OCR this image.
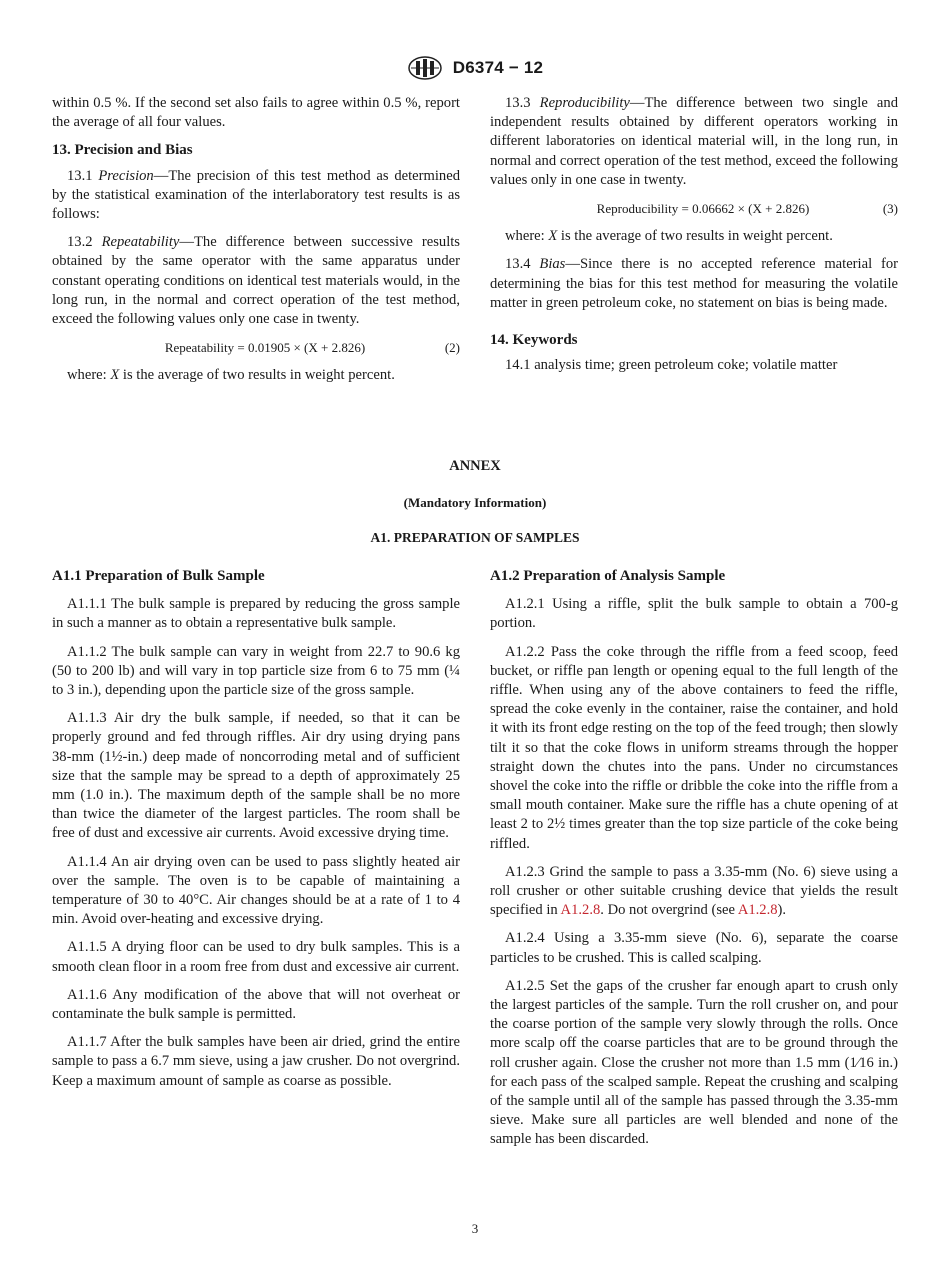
D6374 − 12

within 0.5 %. If the second set also fails to agree within 0.5 %, report the average of all four values.

13. Precision and Bias

13.1 Precision—The precision of this test method as determined by the statistical examination of the interlaboratory test results is as follows:

13.2 Repeatability—The difference between successive results obtained by the same operator with the same apparatus under constant operating conditions on identical test materials would, in the long run, in the normal and correct operation of the test method, exceed the following values only one case in twenty.

Repeatability = 0.01905 × (X + 2.826)	(2)

where: X is the average of two results in weight percent.

13.3 Reproducibility—The difference between two single and independent results obtained by different operators working in different laboratories on identical material will, in the long run, in normal and correct operation of the test method, exceed the following values only in one case in twenty.

Reproducibility = 0.06662 × (X + 2.826)	(3)

where: X is the average of two results in weight percent.

13.4 Bias—Since there is no accepted reference material for determining the bias for this test method for measuring the volatile matter in green petroleum coke, no statement on bias is being made.

14. Keywords

14.1 analysis time; green petroleum coke; volatile matter

ANNEX
(Mandatory Information)
A1. PREPARATION OF SAMPLES
A1.1 Preparation of Bulk Sample

A1.1.1 The bulk sample is prepared by reducing the gross sample in such a manner as to obtain a representative bulk sample.

A1.1.2 The bulk sample can vary in weight from 22.7 to 90.6 kg (50 to 200 lb) and will vary in top particle size from 6 to 75 mm (¼ to 3 in.), depending upon the particle size of the gross sample.

A1.1.3 Air dry the bulk sample, if needed, so that it can be properly ground and fed through riffles. Air dry using drying pans 38-mm (1½-in.) deep made of noncorroding metal and of sufficient size that the sample may be spread to a depth of approximately 25 mm (1.0 in.). The maximum depth of the sample shall be no more than twice the diameter of the largest particles. The room shall be free of dust and excessive air currents. Avoid excessive drying time.

A1.1.4 An air drying oven can be used to pass slightly heated air over the sample. The oven is to be capable of maintaining a temperature of 30 to 40°C. Air changes should be at a rate of 1 to 4 min. Avoid over-heating and excessive drying.

A1.1.5 A drying floor can be used to dry bulk samples. This is a smooth clean floor in a room free from dust and excessive air current.

A1.1.6 Any modification of the above that will not overheat or contaminate the bulk sample is permitted.

A1.1.7 After the bulk samples have been air dried, grind the entire sample to pass a 6.7 mm sieve, using a jaw crusher. Do not overgrind. Keep a maximum amount of sample as coarse as possible.

A1.2 Preparation of Analysis Sample

A1.2.1 Using a riffle, split the bulk sample to obtain a 700-g portion.

A1.2.2 Pass the coke through the riffle from a feed scoop, feed bucket, or riffle pan length or opening equal to the full length of the riffle. When using any of the above containers to feed the riffle, spread the coke evenly in the container, raise the container, and hold it with its front edge resting on the top of the feed trough; then slowly tilt it so that the coke flows in uniform streams through the hopper straight down the chutes into the pans. Under no circumstances shovel the coke into the riffle or dribble the coke into the riffle from a small mouth container. Make sure the riffle has a chute opening of at least 2 to 2½ times greater than the top size particle of the coke being riffled.

A1.2.3 Grind the sample to pass a 3.35-mm (No. 6) sieve using a roll crusher or other suitable crushing device that yields the result specified in A1.2.8. Do not overgrind (see A1.2.8).

A1.2.4 Using a 3.35-mm sieve (No. 6), separate the coarse particles to be crushed. This is called scalping.

A1.2.5 Set the gaps of the crusher far enough apart to crush only the largest particles of the sample. Turn the roll crusher on, and pour the coarse portion of the sample very slowly through the rolls. Once more scalp off the coarse particles that are to be ground through the roll crusher again. Close the crusher not more than 1.5 mm (1⁄16 in.) for each pass of the scalped sample. Repeat the crushing and scalping of the sample until all of the sample has passed through the 3.35-mm sieve. Make sure all particles are well blended and none of the sample has been discarded.

3
